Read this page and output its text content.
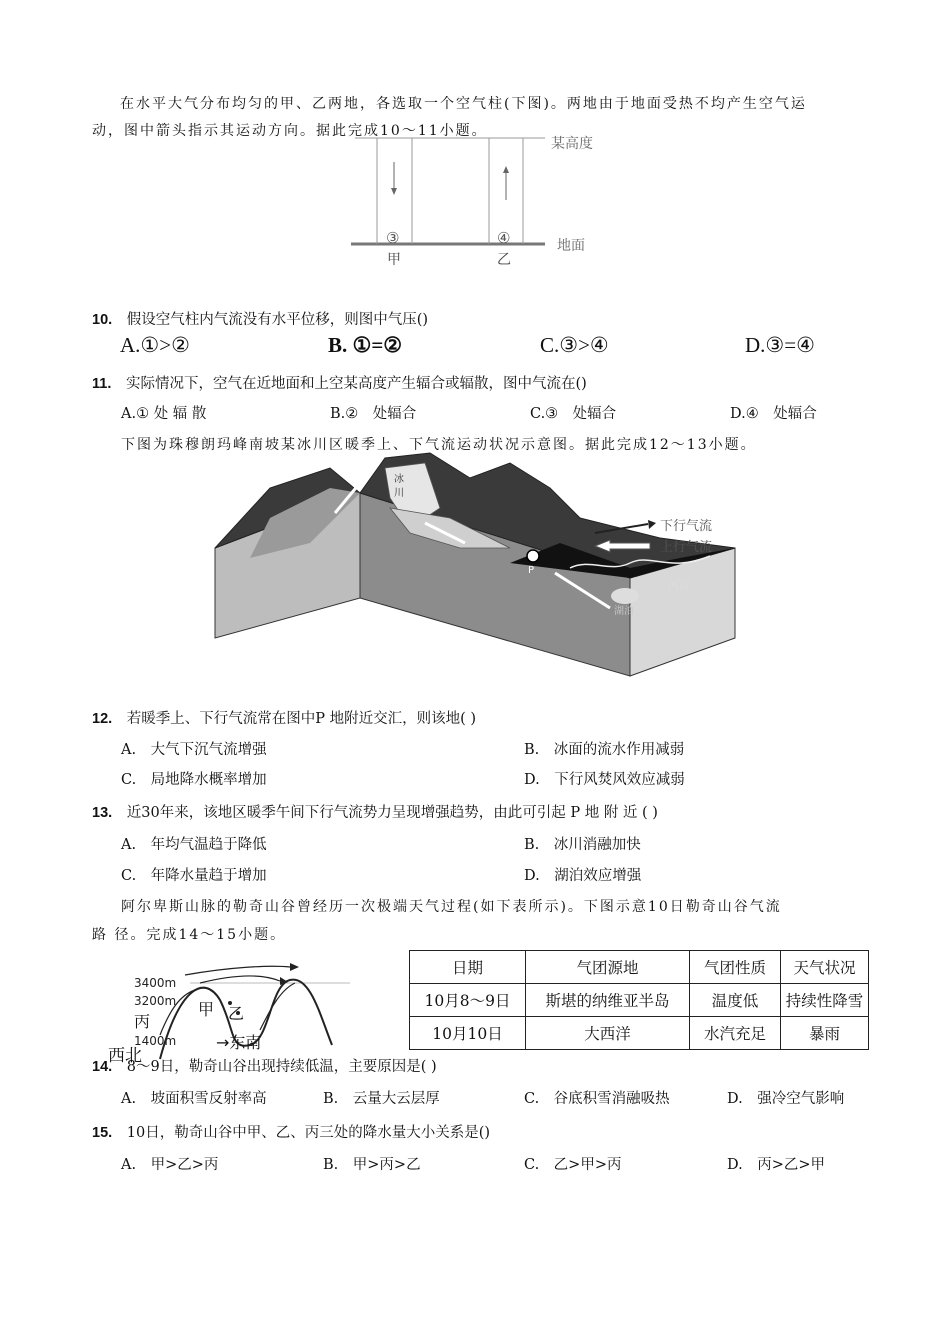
在水平大气分布均匀的甲、乙两地，各选取一个空气柱(下图)。两地由于地面受热不均产生空气运
动，图中箭头指示其运动方向。据此完成10～11小题。
③	④
某高度
地面
甲	乙
10. 假设空气柱内气流没有水平位移，则图中气压()
A.①>②	B. ①=②	C.③>④	D.③=④
11. 实际情况下，空气在近地面和上空某高度产生辐合或辐散，图中气流在()
A.① 处 辐 散	B.②　处辐合	C.③　处辐合	D.④　处辐合
下图为珠穆朗玛峰南坡某冰川区暖季上、下气流运动状况示意图。据此完成12～13小题。
P
冰
川
河流
湖泊
下行气流
上行气流
12. 若暖季上、下行气流常在图中P 地附近交汇，则该地( )
A.　大气下沉气流增强	B.　冰面的流水作用减弱
C.　局地降水概率增加	D.　下行风焚风效应减弱
13. 近30年来，该地区暖季午间下行气流势力呈现增强趋势，由此可引起 P 地 附 近 ( )
A.　年均气温趋于降低	B.　冰川消融加快
C.　年降水量趋于增加	D.　湖泊效应增强
阿尔卑斯山脉的勒奇山谷曾经历一次极端天气过程(如下表所示)。下图示意10日勒奇山谷气流
路 径。完成14～15小题。
3400m
3200m
1400m
甲 乙
丙
西北
→东南
日期	气团源地	气团性质	天气状况
10月8～9日	斯堪的纳维亚半岛	温度低	持续性降雪
10月10日	大西洋	水汽充足	暴雨
14. 8～9日，勒奇山谷出现持续低温，主要原因是( )
A.　坡面积雪反射率高	B.　云量大云层厚	C.　谷底积雪消融吸热	D.　强冷空气影响
15. 10日，勒奇山谷中甲、乙、丙三处的降水量大小关系是()
A.　甲>乙>丙	B.　甲>丙>乙	C.　乙>甲>丙	D.　丙>乙>甲
